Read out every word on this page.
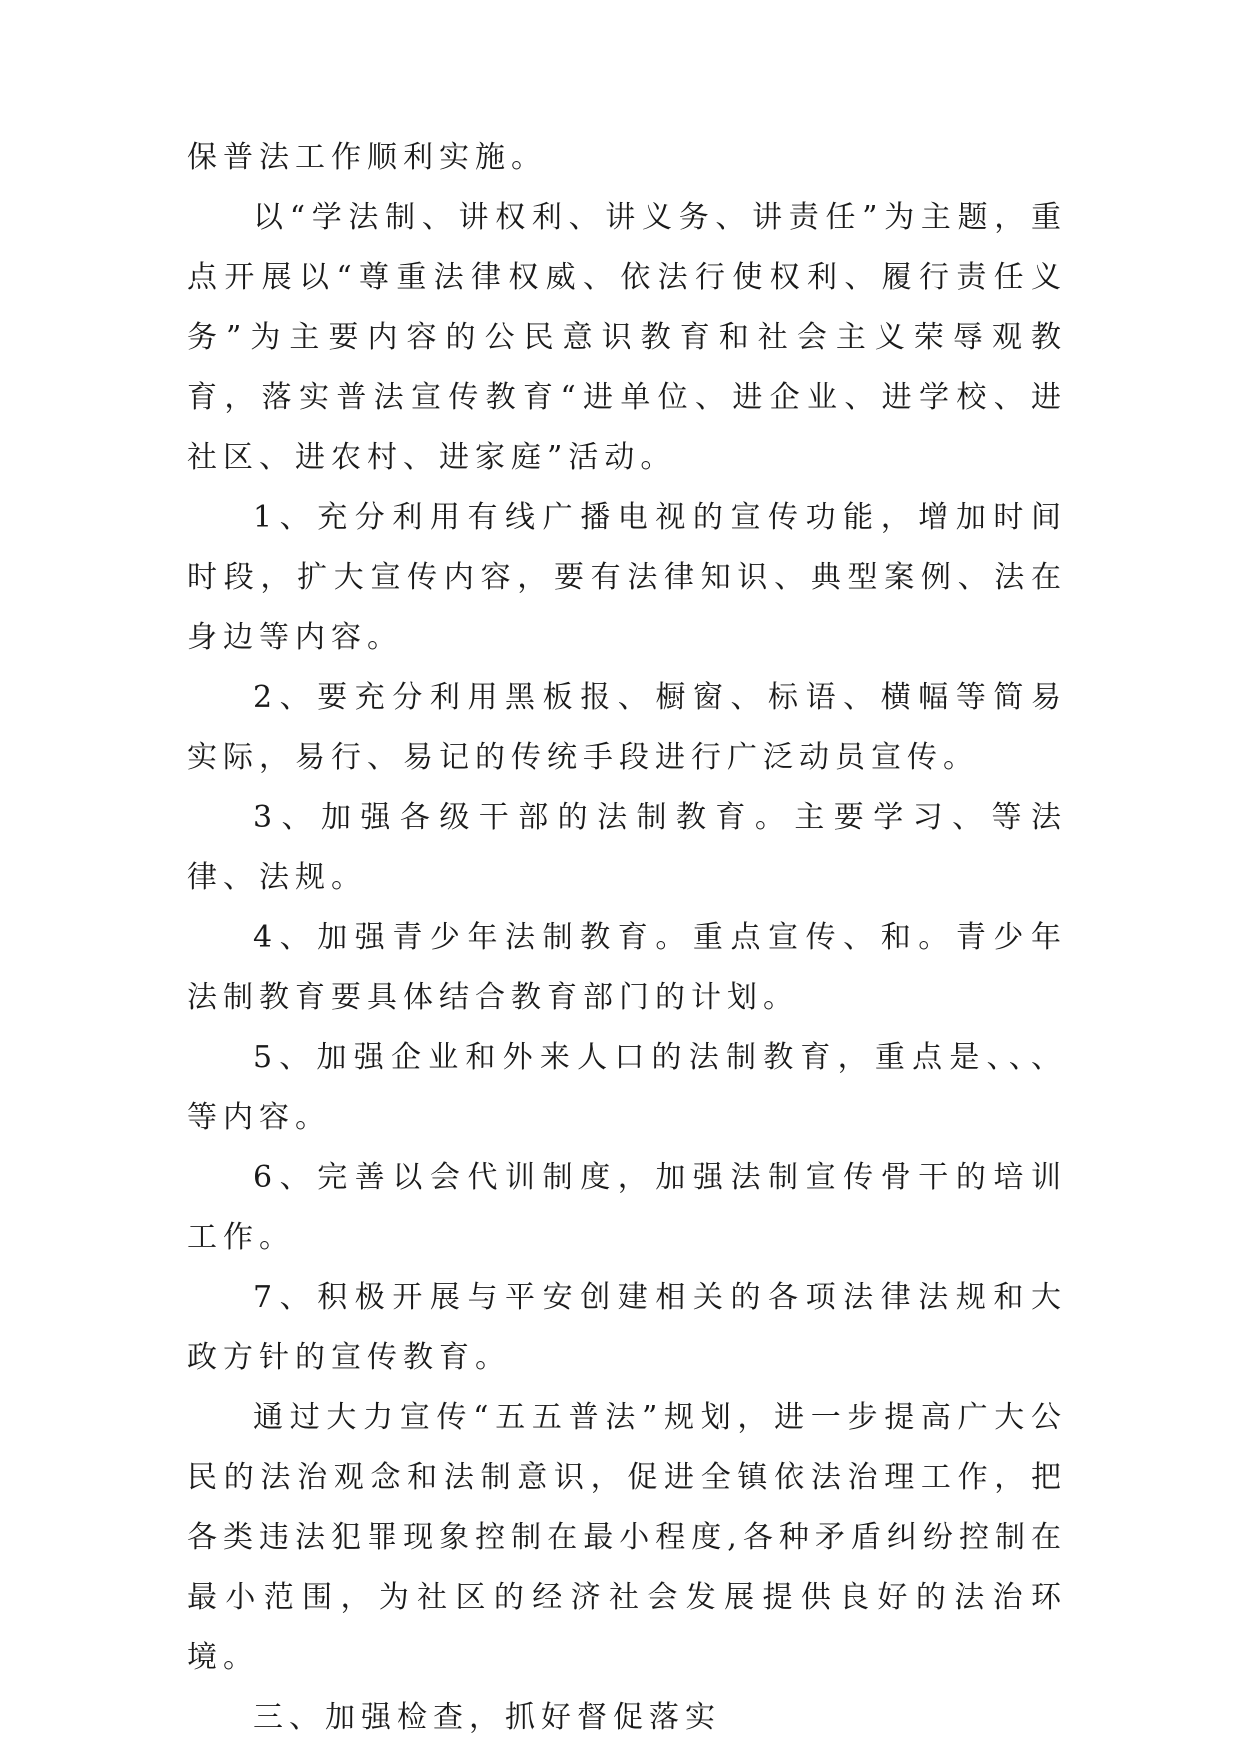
保普法工作顺利实施。

以“学法制、讲权利、讲义务、讲责任”为主题，重点开展以“尊重法律权威、依法行使权利、履行责任义务”为主要内容的公民意识教育和社会主义荣辱观教育，落实普法宣传教育“进单位、进企业、进学校、进社区、进农村、进家庭”活动。

1、充分利用有线广播电视的宣传功能，增加时间时段，扩大宣传内容，要有法律知识、典型案例、法在身边等内容。

2、要充分利用黑板报、橱窗、标语、横幅等简易实际，易行、易记的传统手段进行广泛动员宣传。

3、加强各级干部的法制教育。主要学习、等法律、法规。

4、加强青少年法制教育。重点宣传、和。青少年法制教育要具体结合教育部门的计划。

5、加强企业和外来人口的法制教育，重点是、、、等内容。

6、完善以会代训制度，加强法制宣传骨干的培训工作。

7、积极开展与平安创建相关的各项法律法规和大政方针的宣传教育。

通过大力宣传“五五普法”规划，进一步提高广大公民的法治观念和法制意识，促进全镇依法治理工作，把各类违法犯罪现象控制在最小程度,各种矛盾纠纷控制在最小范围，为社区的经济社会发展提供良好的法治环境。

三、加强检查，抓好督促落实
